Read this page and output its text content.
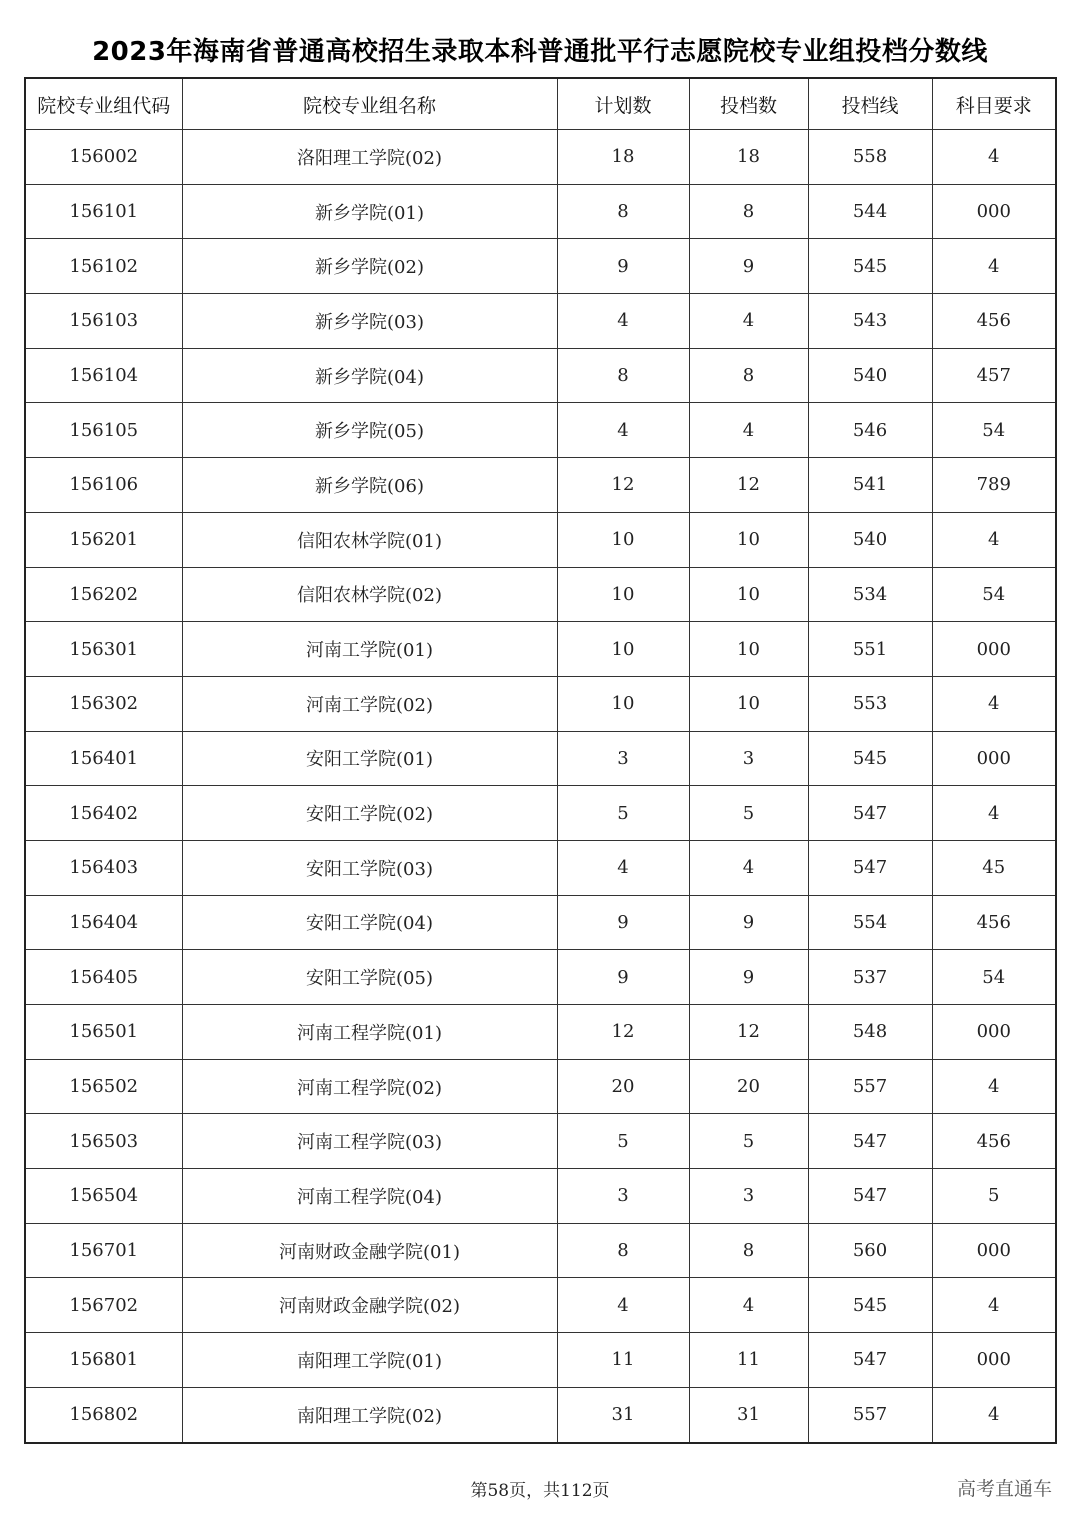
2023年海南省普通高校招生录取本科普通批平行志愿院校专业组投档分数线
院校专业组代码	院校专业组名称	计划数	投档数	投档线	科目要求
156002	洛阳理工学院(02)	18	18	558	4
156101	新乡学院(01)	8	8	544	000
156102	新乡学院(02)	9	9	545	4
156103	新乡学院(03)	4	4	543	456
156104	新乡学院(04)	8	8	540	457
156105	新乡学院(05)	4	4	546	54
156106	新乡学院(06)	12	12	541	789
156201	信阳农林学院(01)	10	10	540	4
156202	信阳农林学院(02)	10	10	534	54
156301	河南工学院(01)	10	10	551	000
156302	河南工学院(02)	10	10	553	4
156401	安阳工学院(01)	3	3	545	000
156402	安阳工学院(02)	5	5	547	4
156403	安阳工学院(03)	4	4	547	45
156404	安阳工学院(04)	9	9	554	456
156405	安阳工学院(05)	9	9	537	54
156501	河南工程学院(01)	12	12	548	000
156502	河南工程学院(02)	20	20	557	4
156503	河南工程学院(03)	5	5	547	456
156504	河南工程学院(04)	3	3	547	5
156701	河南财政金融学院(01)	8	8	560	000
156702	河南财政金融学院(02)	4	4	545	4
156801	南阳理工学院(01)	11	11	547	000
156802	南阳理工学院(02)	31	31	557	4
第58页，共112页	高考直通车
